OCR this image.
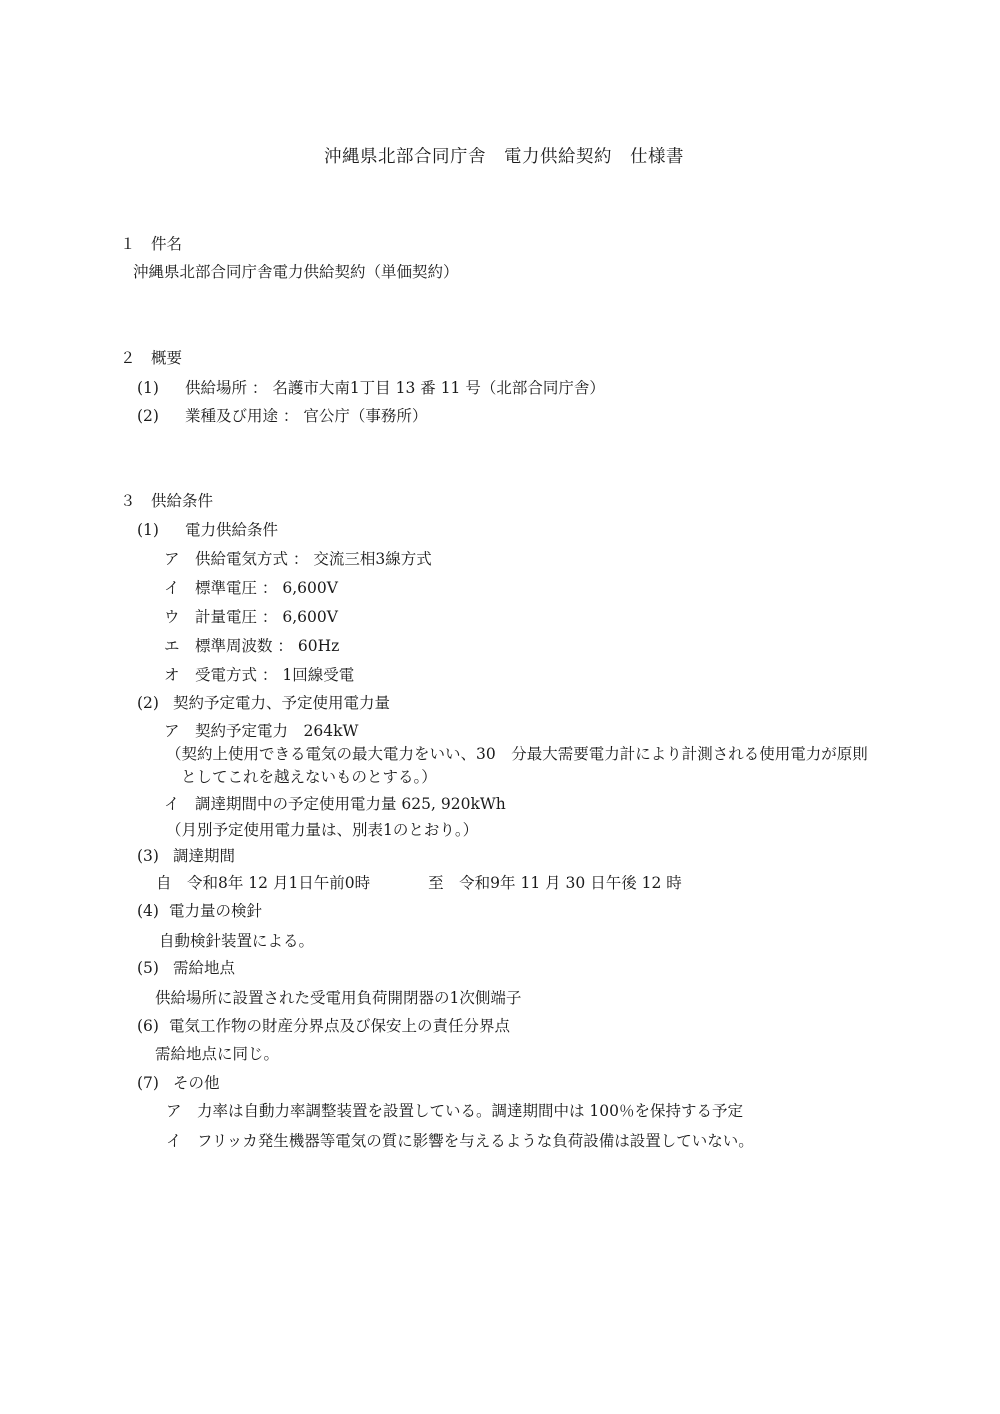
沖縄県北部合同庁舎　電力供給契約　仕様書
１　件名
沖縄県北部合同庁舎電力供給契約（単価契約）
２　概要
(1) 供給場所 ： 名護市大南1丁目 13 番 11 号（北部合同庁舎）
(2) 業種及び用途 ： 官公庁（事務所）
３　供給条件
(1) 電力供給条件
ア　供給電気方式 ： 交流三相3線方式
イ　標準電圧 ： 6,600V
ウ　計量電圧 ： 6,600V
エ　標準周波数 ： 60Hz
オ　受電方式 ： 1回線受電
(2) 契約予定電力、予定使用電力量
ア　契約予定電力　264kW
（契約上使用できる電気の最大電力をいい、30　分最大需要電力計により計測される使用電力が原則
としてこれを越えないものとする。）
イ　調達期間中の予定使用電力量 625, 920kWh
（月別予定使用電力量は、別表1のとおり。）
(3) 調達期間
自　令和8年 12 月1日午前0時	至　令和9年 11 月 30 日午後 12 時
(4) 電力量の検針
自動検針装置による。
(5) 需給地点
供給場所に設置された受電用負荷開閉器の1次側端子
(6) 電気工作物の財産分界点及び保安上の責任分界点
需給地点に同じ。
(7) その他
ア　力率は自動力率調整装置を設置している。調達期間中は 100％を保持する予定
イ　フリッカ発生機器等電気の質に影響を与えるような負荷設備は設置していない。
